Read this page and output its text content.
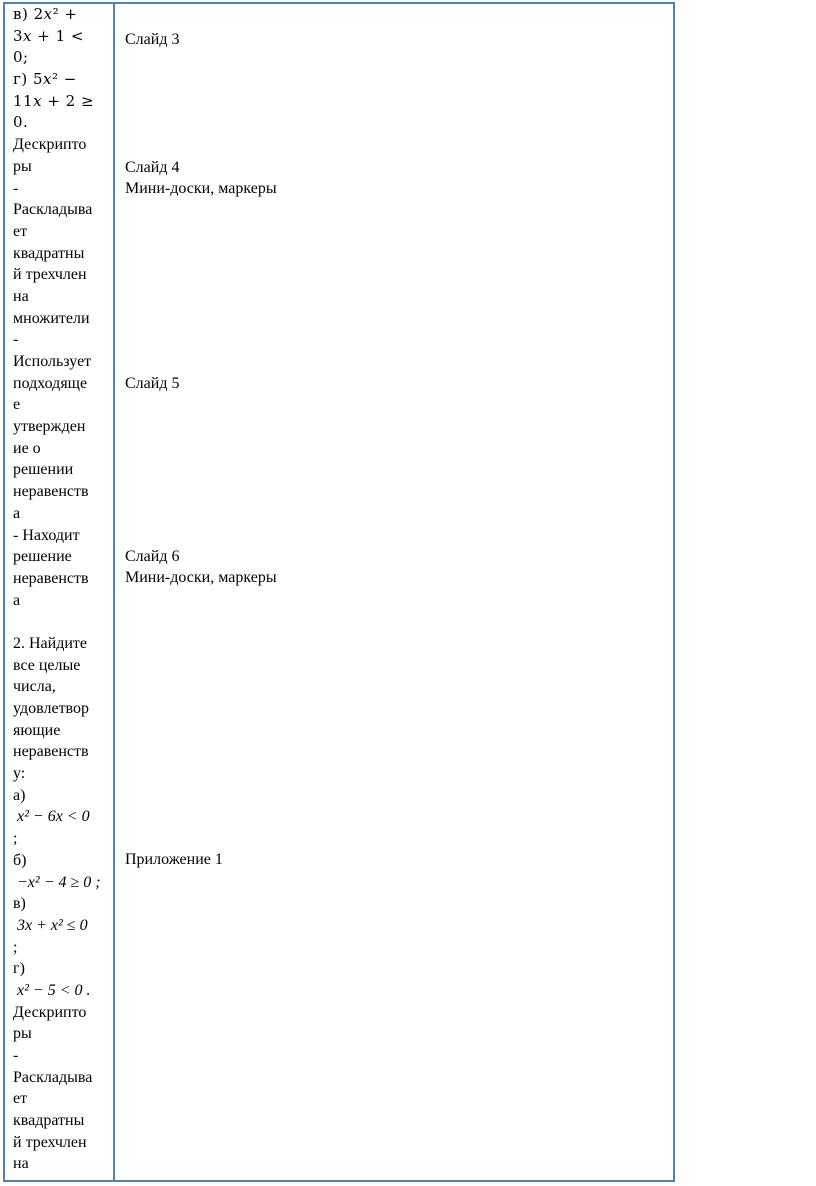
в) 2𝑥² +
3𝑥 + 1 <
0;
г) 5𝑥² −
11𝑥 + 2 ≥
0.
Дескрипто
ры
-
Раскладыва
ет
квадратны
й трехчлен
на
множители
-
Использует
подходяще
е
утвержден
ие о
решении
неравенств
а
- Находит
решение
неравенств
а
2. Найдите
все целые
числа,
удовлетвор
яющие
неравенств
у:
а)
x² − 6x < 0
;
б)
−x² − 4 ≥ 0 ;
в)
3x + x² ≤ 0
;
г)
x² − 5 < 0 .
Дескрипто
ры
-
Раскладыва
ет
квадратны
й трехчлен
на
Слайд 3
Слайд 4
Мини-доски, маркеры
Слайд 5
Слайд 6
Мини-доски, маркеры
Приложение 1
